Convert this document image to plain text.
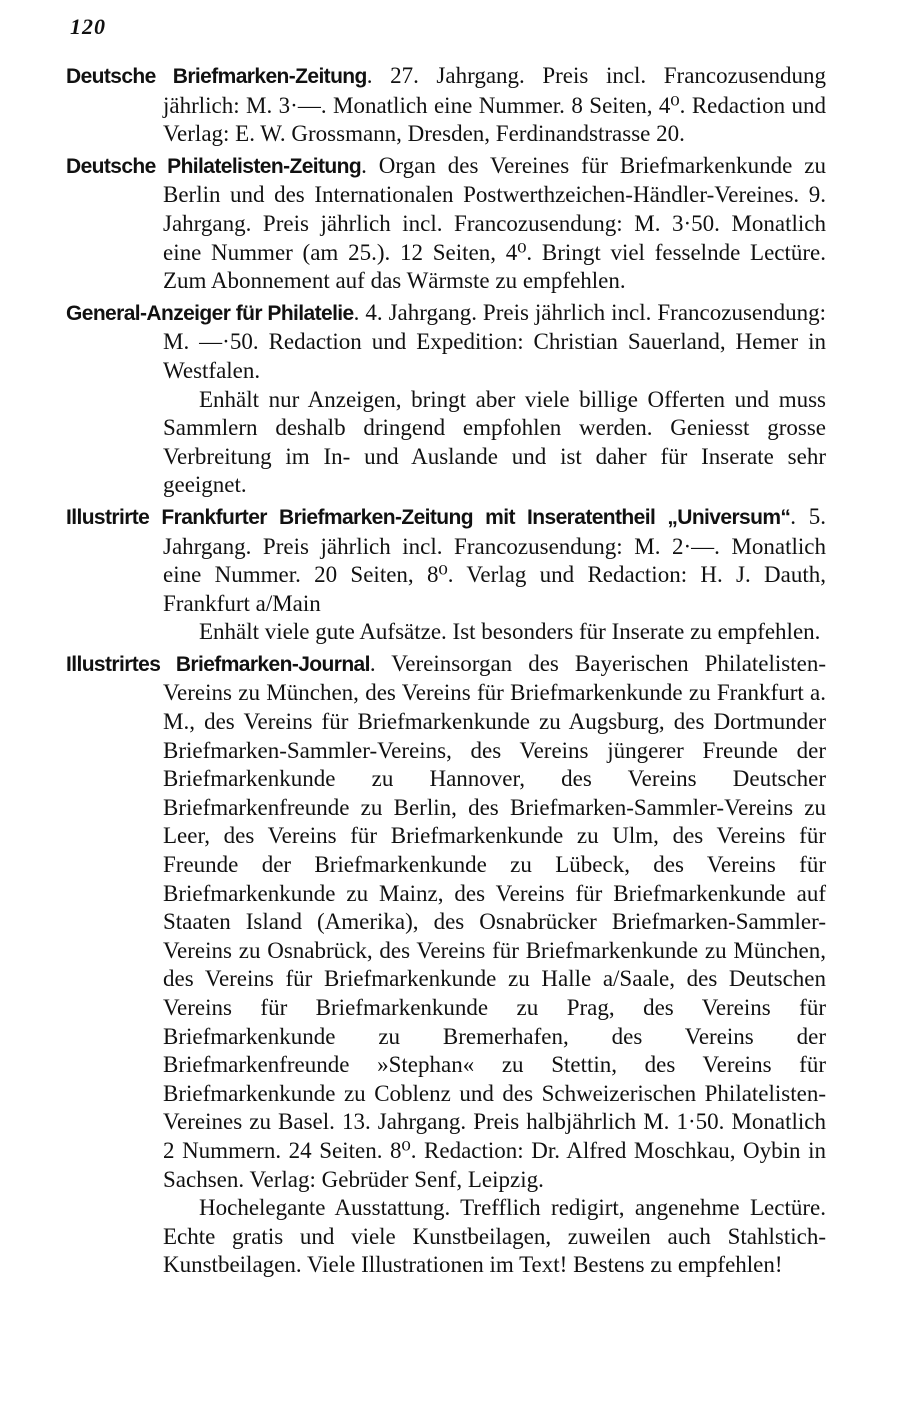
120

Deutsche Briefmarken-Zeitung. 27. Jahrgang. Preis incl. Francozusendung jährlich: M. 3·—. Monatlich eine Nummer. 8 Seiten, 4⁰. Redaction und Verlag: E. W. Grossmann, Dresden, Ferdinandstrasse 20.

Deutsche Philatelisten-Zeitung. Organ des Vereines für Briefmarkenkunde zu Berlin und des Internationalen Postwerthzeichen-Händler-Vereines. 9. Jahrgang. Preis jährlich incl. Francozusendung: M. 3·50. Monatlich eine Nummer (am 25.). 12 Seiten, 4⁰. Bringt viel fesselnde Lectüre. Zum Abonnement auf das Wärmste zu empfehlen.

General-Anzeiger für Philatelie. 4. Jahrgang. Preis jährlich incl. Francozusendung: M. —·50. Redaction und Expedition: Christian Sauerland, Hemer in Westfalen.

Enhält nur Anzeigen, bringt aber viele billige Offerten und muss Sammlern deshalb dringend empfohlen werden. Geniesst grosse Verbreitung im In- und Auslande und ist daher für Inserate sehr geeignet.

Illustrirte Frankfurter Briefmarken-Zeitung mit Inseratentheil „Universum“. 5. Jahrgang. Preis jährlich incl. Francozusendung: M. 2·—. Monatlich eine Nummer. 20 Seiten, 8⁰. Verlag und Redaction: H. J. Dauth, Frankfurt a/Main

Enhält viele gute Aufsätze. Ist besonders für Inserate zu empfehlen.

Illustrirtes Briefmarken-Journal. Vereinsorgan des Bayerischen Philatelisten-Vereins zu München, des Vereins für Briefmarkenkunde zu Frankfurt a. M., des Vereins für Briefmarkenkunde zu Augsburg, des Dortmunder Briefmarken-Sammler-Vereins, des Vereins jüngerer Freunde der Briefmarkenkunde zu Hannover, des Vereins Deutscher Briefmarkenfreunde zu Berlin, des Briefmarken-Sammler-Vereins zu Leer, des Vereins für Briefmarkenkunde zu Ulm, des Vereins für Freunde der Briefmarkenkunde zu Lübeck, des Vereins für Briefmarkenkunde zu Mainz, des Vereins für Briefmarkenkunde auf Staaten Island (Amerika), des Osnabrücker Briefmarken-Sammler-Vereins zu Osnabrück, des Vereins für Briefmarkenkunde zu München, des Vereins für Briefmarkenkunde zu Halle a/Saale, des Deutschen Vereins für Briefmarkenkunde zu Prag, des Vereins für Briefmarkenkunde zu Bremerhafen, des Vereins der Briefmarkenfreunde »Stephan« zu Stettin, des Vereins für Briefmarkenkunde zu Coblenz und des Schweizerischen Philatelisten-Vereines zu Basel. 13. Jahrgang. Preis halbjährlich M. 1·50. Monatlich 2 Nummern. 24 Seiten. 8⁰. Redaction: Dr. Alfred Moschkau, Oybin in Sachsen. Verlag: Gebrüder Senf, Leipzig.

Hochelegante Ausstattung. Trefflich redigirt, angenehme Lectüre. Echte gratis und viele Kunstbeilagen, zuweilen auch Stahlstich-Kunstbeilagen. Viele Illustrationen im Text! Bestens zu empfehlen!
